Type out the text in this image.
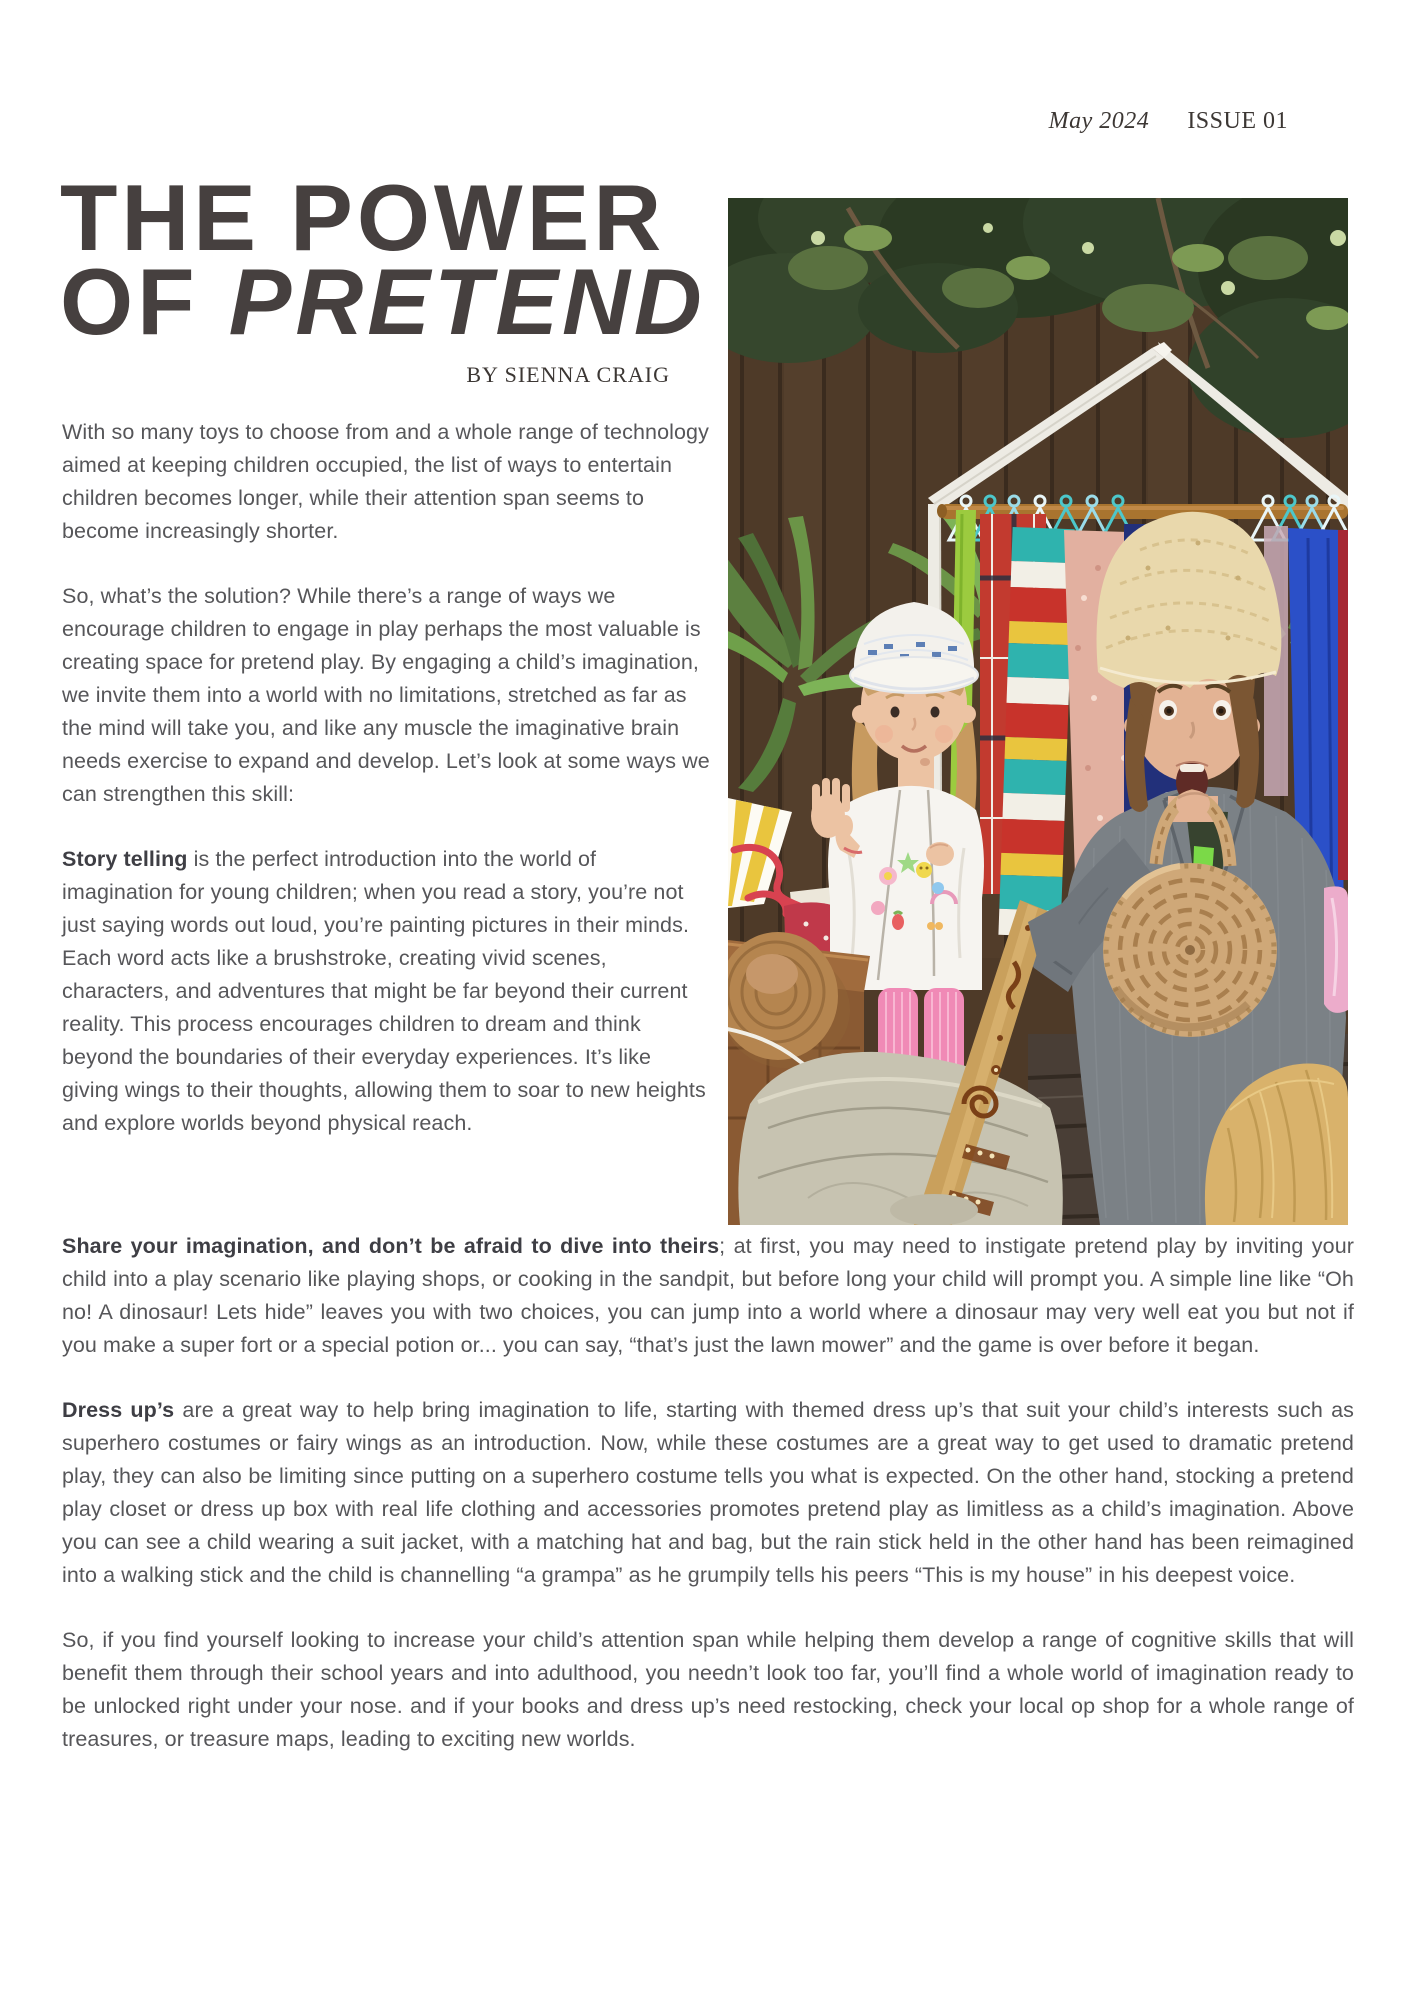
May 2024 ISSUE 01
THE POWER
OF PRETEND
BY SIENNA CRAIG

With so many toys to choose from and a whole range of technology aimed at keeping children occupied, the list of ways to entertain children becomes longer, while their attention span seems to become increasingly shorter.

So, what’s the solution? While there’s a range of ways we encourage children to engage in play perhaps the most valuable is creating space for pretend play. By engaging a child’s imagination, we invite them into a world with no limitations, stretched as far as the mind will take you, and like any muscle the imaginative brain needs exercise to expand and develop. Let’s look at some ways we can strengthen this skill:

Story telling is the perfect introduction into the world of imagination for young children; when you read a story, you’re not just saying words out loud, you’re painting pictures in their minds. Each word acts like a brushstroke, creating vivid scenes, characters, and adventures that might be far beyond their current reality. This process encourages children to dream and think beyond the boundaries of their everyday experiences. It’s like giving wings to their thoughts, allowing them to soar to new heights and explore worlds beyond physical reach.

Share your imagination, and don’t be afraid to dive into theirs; at first, you may need to instigate pretend play by inviting your child into a play scenario like playing shops, or cooking in the sandpit, but before long your child will prompt you. A simple line like “Oh no! A dinosaur! Lets hide” leaves you with two choices, you can jump into a world where a dinosaur may very well eat you but not if you make a super fort or a special potion or... you can say, “that’s just the lawn mower” and the game is over before it began.

Dress up’s are a great way to help bring imagination to life, starting with themed dress up’s that suit your child’s interests such as superhero costumes or fairy wings as an introduction. Now, while these costumes are a great way to get used to dramatic pretend play, they can also be limiting since putting on a superhero costume tells you what is expected. On the other hand, stocking a pretend play closet or dress up box with real life clothing and accessories promotes pretend play as limitless as a child’s imagination. Above you can see a child wearing a suit jacket, with a matching hat and bag, but the rain stick held in the other hand has been reimagined into a walking stick and the child is channelling “a grampa” as he grumpily tells his peers “This is my house” in his deepest voice.

So, if you find yourself looking to increase your child’s attention span while helping them develop a range of cognitive skills that will benefit them through their school years and into adulthood, you needn’t look too far, you’ll find a whole world of imagination ready to be unlocked right under your nose. and if your books and dress up’s need restocking, check your local op shop for a whole range of treasures, or treasure maps, leading to exciting new worlds.
